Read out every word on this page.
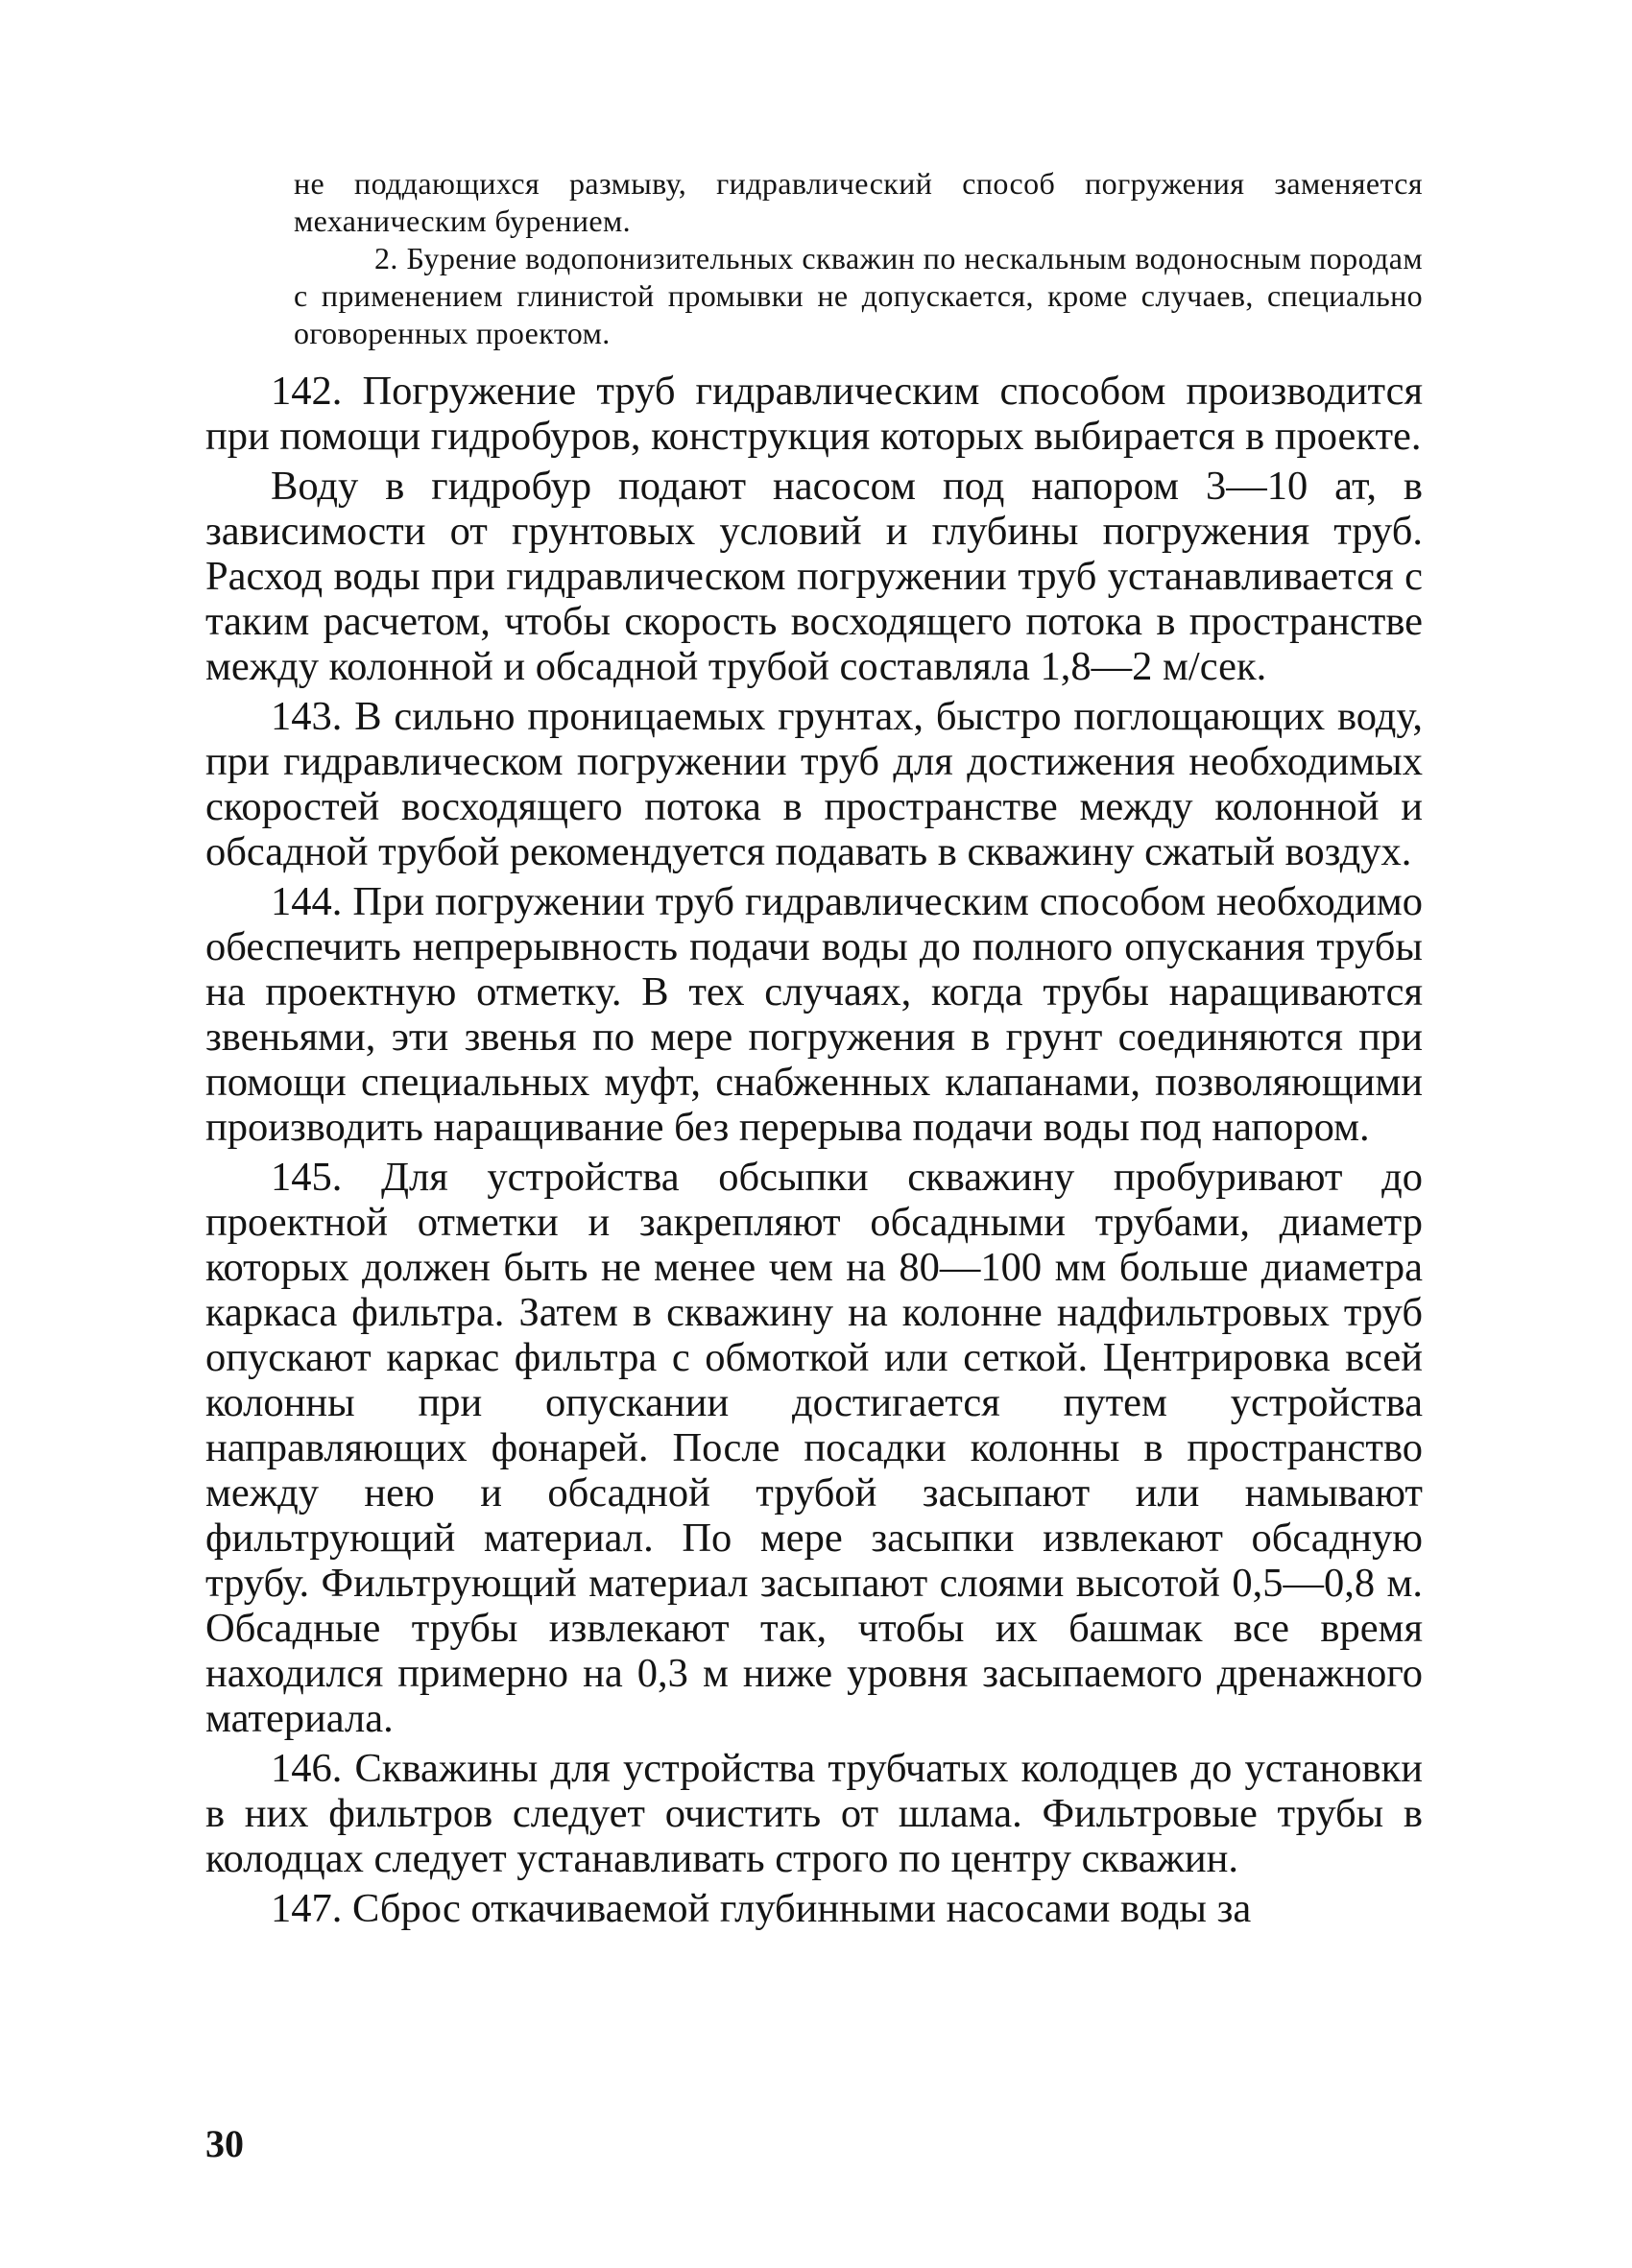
не поддающихся размыву, гидравлический способ погружения заменяется механическим бурением.

2. Бурение водопонизительных скважин по нескальным водоносным породам с применением глинистой промывки не допускается, кроме случаев, специально оговоренных проектом.

142. Погружение труб гидравлическим способом производится при помощи гидробуров, конструкция которых выбирается в проекте.

Воду в гидробур подают насосом под напором 3—10 ат, в зависимости от грунтовых условий и глубины погружения труб. Расход воды при гидравлическом погружении труб устанавливается с таким расчетом, чтобы скорость восходящего потока в пространстве между колонной и обсадной трубой составляла 1,8—2 м/сек.

143. В сильно проницаемых грунтах, быстро поглощающих воду, при гидравлическом погружении труб для достижения необходимых скоростей восходящего потока в пространстве между колонной и обсадной трубой рекомендуется подавать в скважину сжатый воздух.

144. При погружении труб гидравлическим способом необходимо обеспечить непрерывность подачи воды до полного опускания трубы на проектную отметку. В тех случаях, когда трубы наращиваются звеньями, эти звенья по мере погружения в грунт соединяются при помощи специальных муфт, снабженных клапанами, позволяющими производить наращивание без перерыва подачи воды под напором.

145. Для устройства обсыпки скважину пробуривают до проектной отметки и закрепляют обсадными трубами, диаметр которых должен быть не менее чем на 80—100 мм больше диаметра каркаса фильтра. Затем в скважину на колонне надфильтровых труб опускают каркас фильтра с обмоткой или сеткой. Центрировка всей колонны при опускании достигается путем устройства направляющих фонарей. После посадки колонны в пространство между нею и обсадной трубой засыпают или намывают фильтрующий материал. По мере засыпки извлекают обсадную трубу. Фильтрующий материал засыпают слоями высотой 0,5—0,8 м. Обсадные трубы извлекают так, чтобы их башмак все время находился примерно на 0,3 м ниже уровня засыпаемого дренажного материала.

146. Скважины для устройства трубчатых колодцев до установки в них фильтров следует очистить от шлама. Фильтровые трубы в колодцах следует устанавливать строго по центру скважин.

147. Сброс откачиваемой глубинными насосами воды за

30
